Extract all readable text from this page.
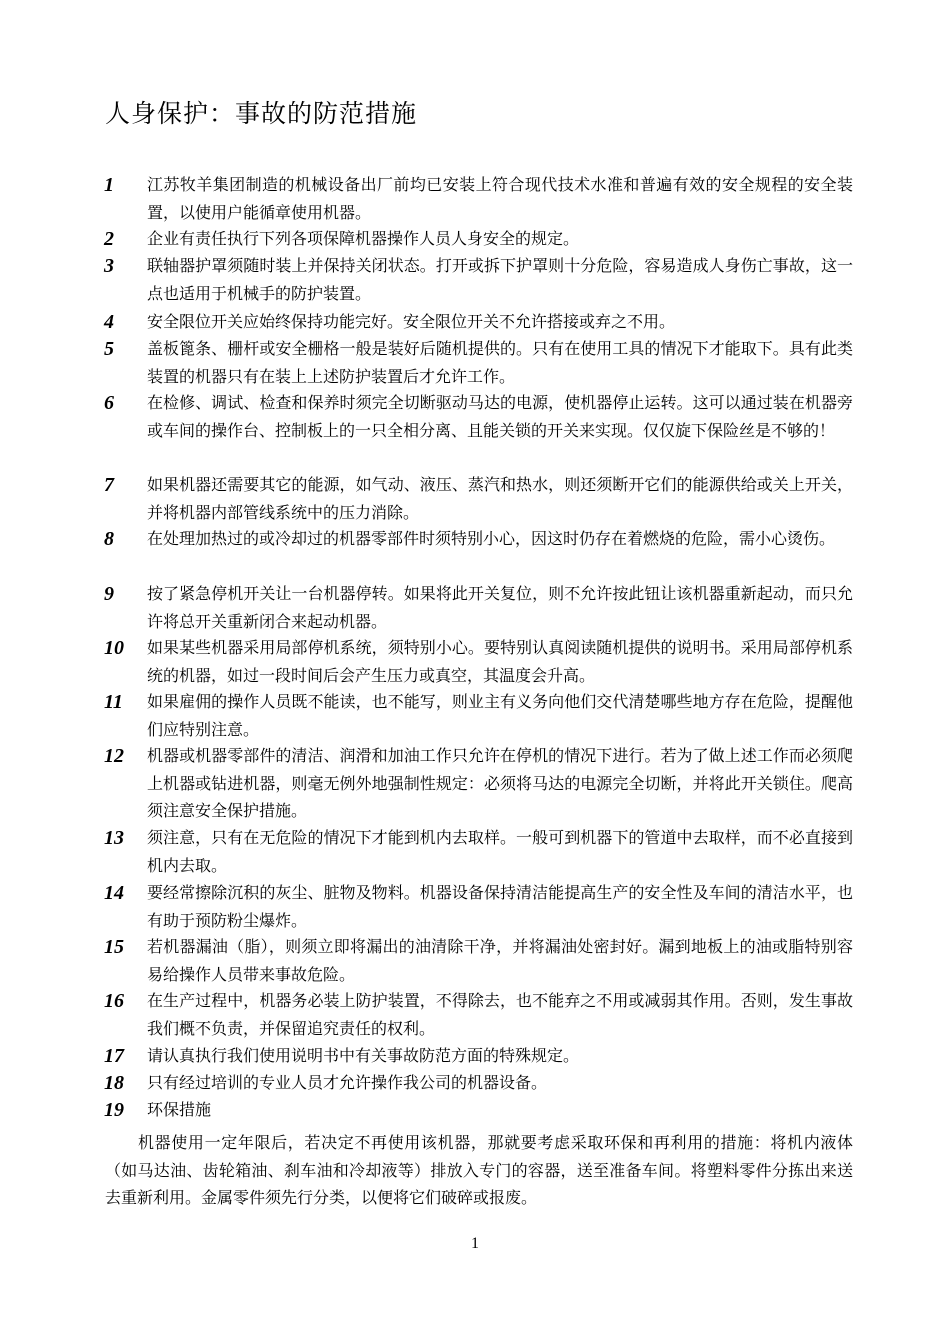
人身保护：事故的防范措施
1	江苏牧羊集团制造的机械设备出厂前均已安装上符合现代技术水准和普遍有效的安全规程的安全装置，以使用户能循章使用机器。
2	企业有责任执行下列各项保障机器操作人员人身安全的规定。
3	联轴器护罩须随时装上并保持关闭状态。打开或拆下护罩则十分危险，容易造成人身伤亡事故，这一点也适用于机械手的防护装置。
4	安全限位开关应始终保持功能完好。安全限位开关不允许搭接或弃之不用。
5	盖板篦条、栅杆或安全栅格一般是装好后随机提供的。只有在使用工具的情况下才能取下。具有此类装置的机器只有在装上上述防护装置后才允许工作。
6	在检修、调试、检查和保养时须完全切断驱动马达的电源，使机器停止运转。这可以通过装在机器旁或车间的操作台、控制板上的一只全相分离、且能关锁的开关来实现。仅仅旋下保险丝是不够的！
7	如果机器还需要其它的能源，如气动、液压、蒸汽和热水，则还须断开它们的能源供给或关上开关，并将机器内部管线系统中的压力消除。
8	在处理加热过的或冷却过的机器零部件时须特别小心，因这时仍存在着燃烧的危险，需小心烫伤。
9	按了紧急停机开关让一台机器停转。如果将此开关复位，则不允许按此钮让该机器重新起动，而只允许将总开关重新闭合来起动机器。
10	如果某些机器采用局部停机系统，须特别小心。要特别认真阅读随机提供的说明书。采用局部停机系统的机器，如过一段时间后会产生压力或真空，其温度会升高。
11	如果雇佣的操作人员既不能读，也不能写，则业主有义务向他们交代清楚哪些地方存在危险，提醒他们应特别注意。
12	机器或机器零部件的清洁、润滑和加油工作只允许在停机的情况下进行。若为了做上述工作而必须爬上机器或钻进机器，则毫无例外地强制性规定：必须将马达的电源完全切断，并将此开关锁住。爬高须注意安全保护措施。
13	须注意，只有在无危险的情况下才能到机内去取样。一般可到机器下的管道中去取样，而不必直接到机内去取。
14	要经常擦除沉积的灰尘、脏物及物料。机器设备保持清洁能提高生产的安全性及车间的清洁水平，也有助于预防粉尘爆炸。
15	若机器漏油（脂），则须立即将漏出的油清除干净，并将漏油处密封好。漏到地板上的油或脂特别容易给操作人员带来事故危险。
16	在生产过程中，机器务必装上防护装置，不得除去，也不能弃之不用或减弱其作用。否则，发生事故我们概不负责，并保留追究责任的权利。
17	请认真执行我们使用说明书中有关事故防范方面的特殊规定。
18	只有经过培训的专业人员才允许操作我公司的机器设备。
19	环保措施
机器使用一定年限后，若决定不再使用该机器，那就要考虑采取环保和再利用的措施：将机内液体（如马达油、齿轮箱油、刹车油和冷却液等）排放入专门的容器，送至准备车间。将塑料零件分拣出来送去重新利用。金属零件须先行分类，以便将它们破碎或报废。
1
